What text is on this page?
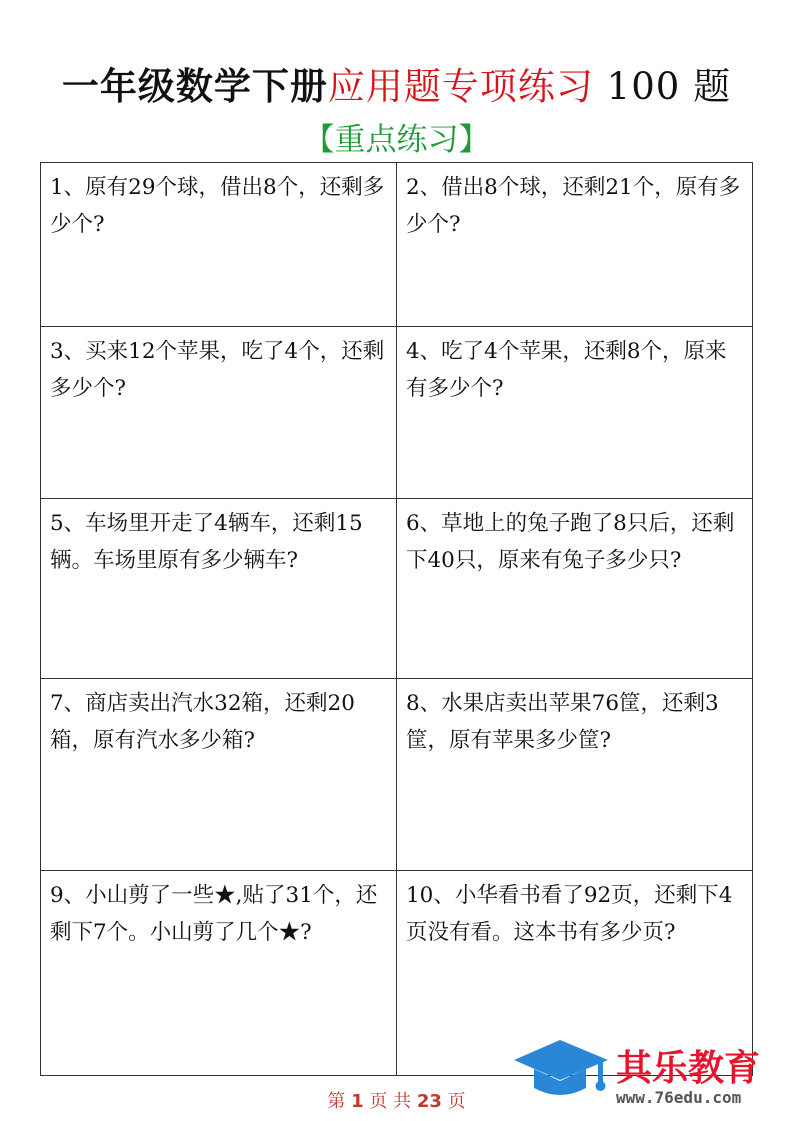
一年级数学下册应用题专项练习 100 题
【重点练习】
1、原有29个球，借出8个，还剩多少个?	2、借出8个球，还剩21个，原有多少个?
3、买来12个苹果，吃了4个，还剩多少个?	4、吃了4个苹果，还剩8个，原来有多少个?
5、车场里开走了4辆车，还剩15辆。车场里原有多少辆车?	6、草地上的兔子跑了8只后，还剩下40只，原来有兔子多少只?
7、商店卖出汽水32箱，还剩20箱，原有汽水多少箱?	8、水果店卖出苹果76筐，还剩3筐，原有苹果多少筐?
9、小山剪了一些★,贴了31个，还剩下7个。小山剪了几个★?	10、小华看书看了92页，还剩下4页没有看。这本书有多少页?
第 1 页 共 23 页
其乐教育
www.76edu.com
